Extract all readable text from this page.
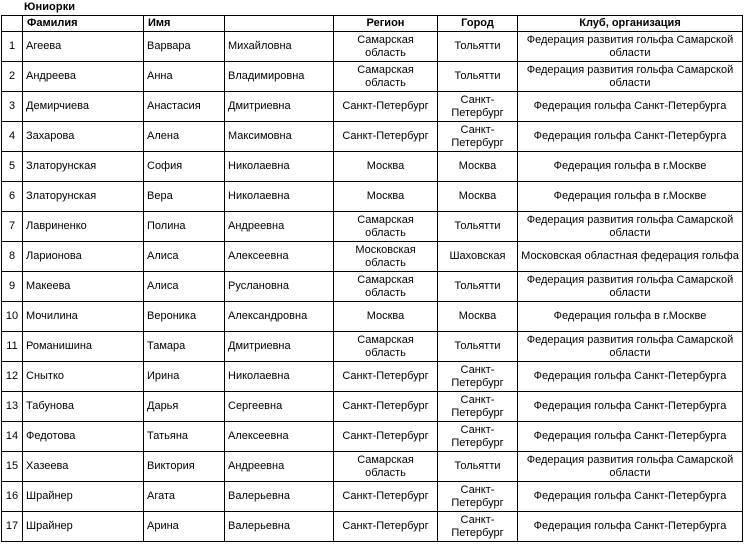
Юниорки
	Фамилия	Имя		Регион	Город	Клуб, организация
1	Агеева	Варвара	Михайловна	Самарская область	Тольятти	Федерация развития гольфа Самарской области
2	Андреева	Анна	Владимировна	Самарская область	Тольятти	Федерация развития гольфа Самарской области
3	Демирчиева	Анастасия	Дмитриевна	Санкт-Петербург	Санкт-Петербург	Федерация гольфа Санкт-Петербурга
4	Захарова	Алена	Максимовна	Санкт-Петербург	Санкт-Петербург	Федерация гольфа Санкт-Петербурга
5	Златорунская	София	Николаевна	Москва	Москва	Федерация гольфа в г.Москве
6	Златорунская	Вера	Николаевна	Москва	Москва	Федерация гольфа в г.Москве
7	Лавриненко	Полина	Андреевна	Самарская область	Тольятти	Федерация развития гольфа Самарской области
8	Ларионова	Алиса	Алексеевна	Московская область	Шаховская	Московская областная федерация гольфа
9	Макеева	Алиса	Руслановна	Самарская область	Тольятти	Федерация развития гольфа Самарской области
10	Мочилина	Вероника	Александровна	Москва	Москва	Федерация гольфа в г.Москве
11	Романишина	Тамара	Дмитриевна	Самарская область	Тольятти	Федерация развития гольфа Самарской области
12	Снытко	Ирина	Николаевна	Санкт-Петербург	Санкт-Петербург	Федерация гольфа Санкт-Петербурга
13	Табунова	Дарья	Сергеевна	Санкт-Петербург	Санкт-Петербург	Федерация гольфа Санкт-Петербурга
14	Федотова	Татьяна	Алексеевна	Санкт-Петербург	Санкт-Петербург	Федерация гольфа Санкт-Петербурга
15	Хазеева	Виктория	Андреевна	Самарская область	Тольятти	Федерация развития гольфа Самарской области
16	Шрайнер	Агата	Валерьевна	Санкт-Петербург	Санкт-Петербург	Федерация гольфа Санкт-Петербурга
17	Шрайнер	Арина	Валерьевна	Санкт-Петербург	Санкт-Петербург	Федерация гольфа Санкт-Петербурга
